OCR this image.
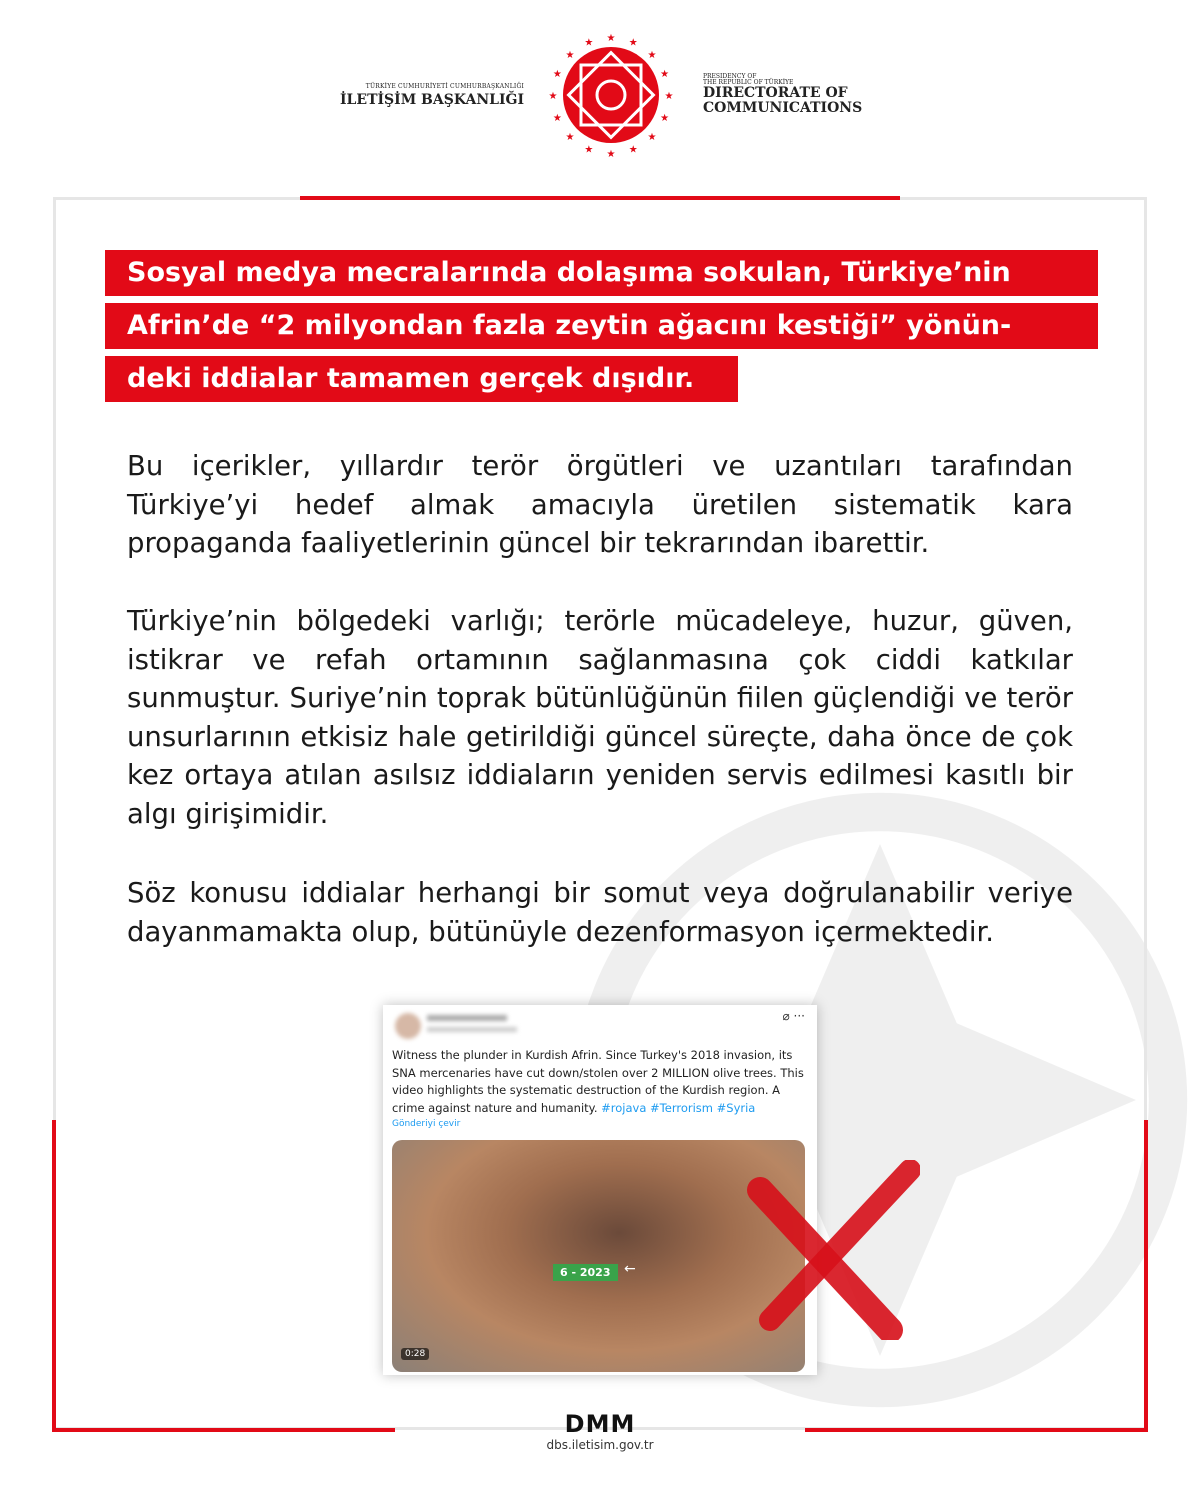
TÜRKİYE CUMHURİYETİ CUMHURBAŞKANLIĞI
İLETİŞİM BAŞKANLIĞI
★ ★
★
★
★
★
★
★
★
★
★
★
★
★
★
★
PRESIDENCY OF
THE REPUBLIC OF TÜRKİYE
DIRECTORATE OF
COMMUNICATIONS
Sosyal medya mecralarında dolaşıma sokulan, Türkiye’nin
Afrin’de “2 milyondan fazla zeytin ağacını kestiği” yönün-
deki iddialar tamamen gerçek dışıdır.

Bu içerikler, yıllardır terör örgütleri ve uzantıları tarafından Türkiye’yi hedef almak amacıyla üretilen sistematik kara propaganda faaliyetlerinin güncel bir tekrarından ibarettir.

Türkiye’nin bölgedeki varlığı; terörle mücadeleye, huzur, güven, istikrar ve refah ortamının sağlanmasına çok ciddi katkılar sunmuştur. Suriye’nin toprak bütünlüğünün fiilen güçlendiği ve terör unsurlarının etkisiz hale getirildiği güncel süreçte, daha önce de çok kez ortaya atılan asılsız iddiaların yeniden servis edilmesi kasıtlı bir algı girişimidir.

Söz konusu iddialar herhangi bir somut veya doğrulanabilir veriye dayanmamakta olup, bütünüyle dezenformasyon içermektedir.

⌀ ···
Witness the plunder in Kurdish Afrin. Since Turkey's 2018 invasion, its SNA mercenaries have cut down/stolen over 2 MILLION olive trees. This video highlights the systematic destruction of the Kurdish region. A crime against nature and humanity. #rojava #Terrorism #Syria
Gönderiyi çevir
6 - 2023 ←
0:28
DMM
dbs.iletisim.gov.tr
